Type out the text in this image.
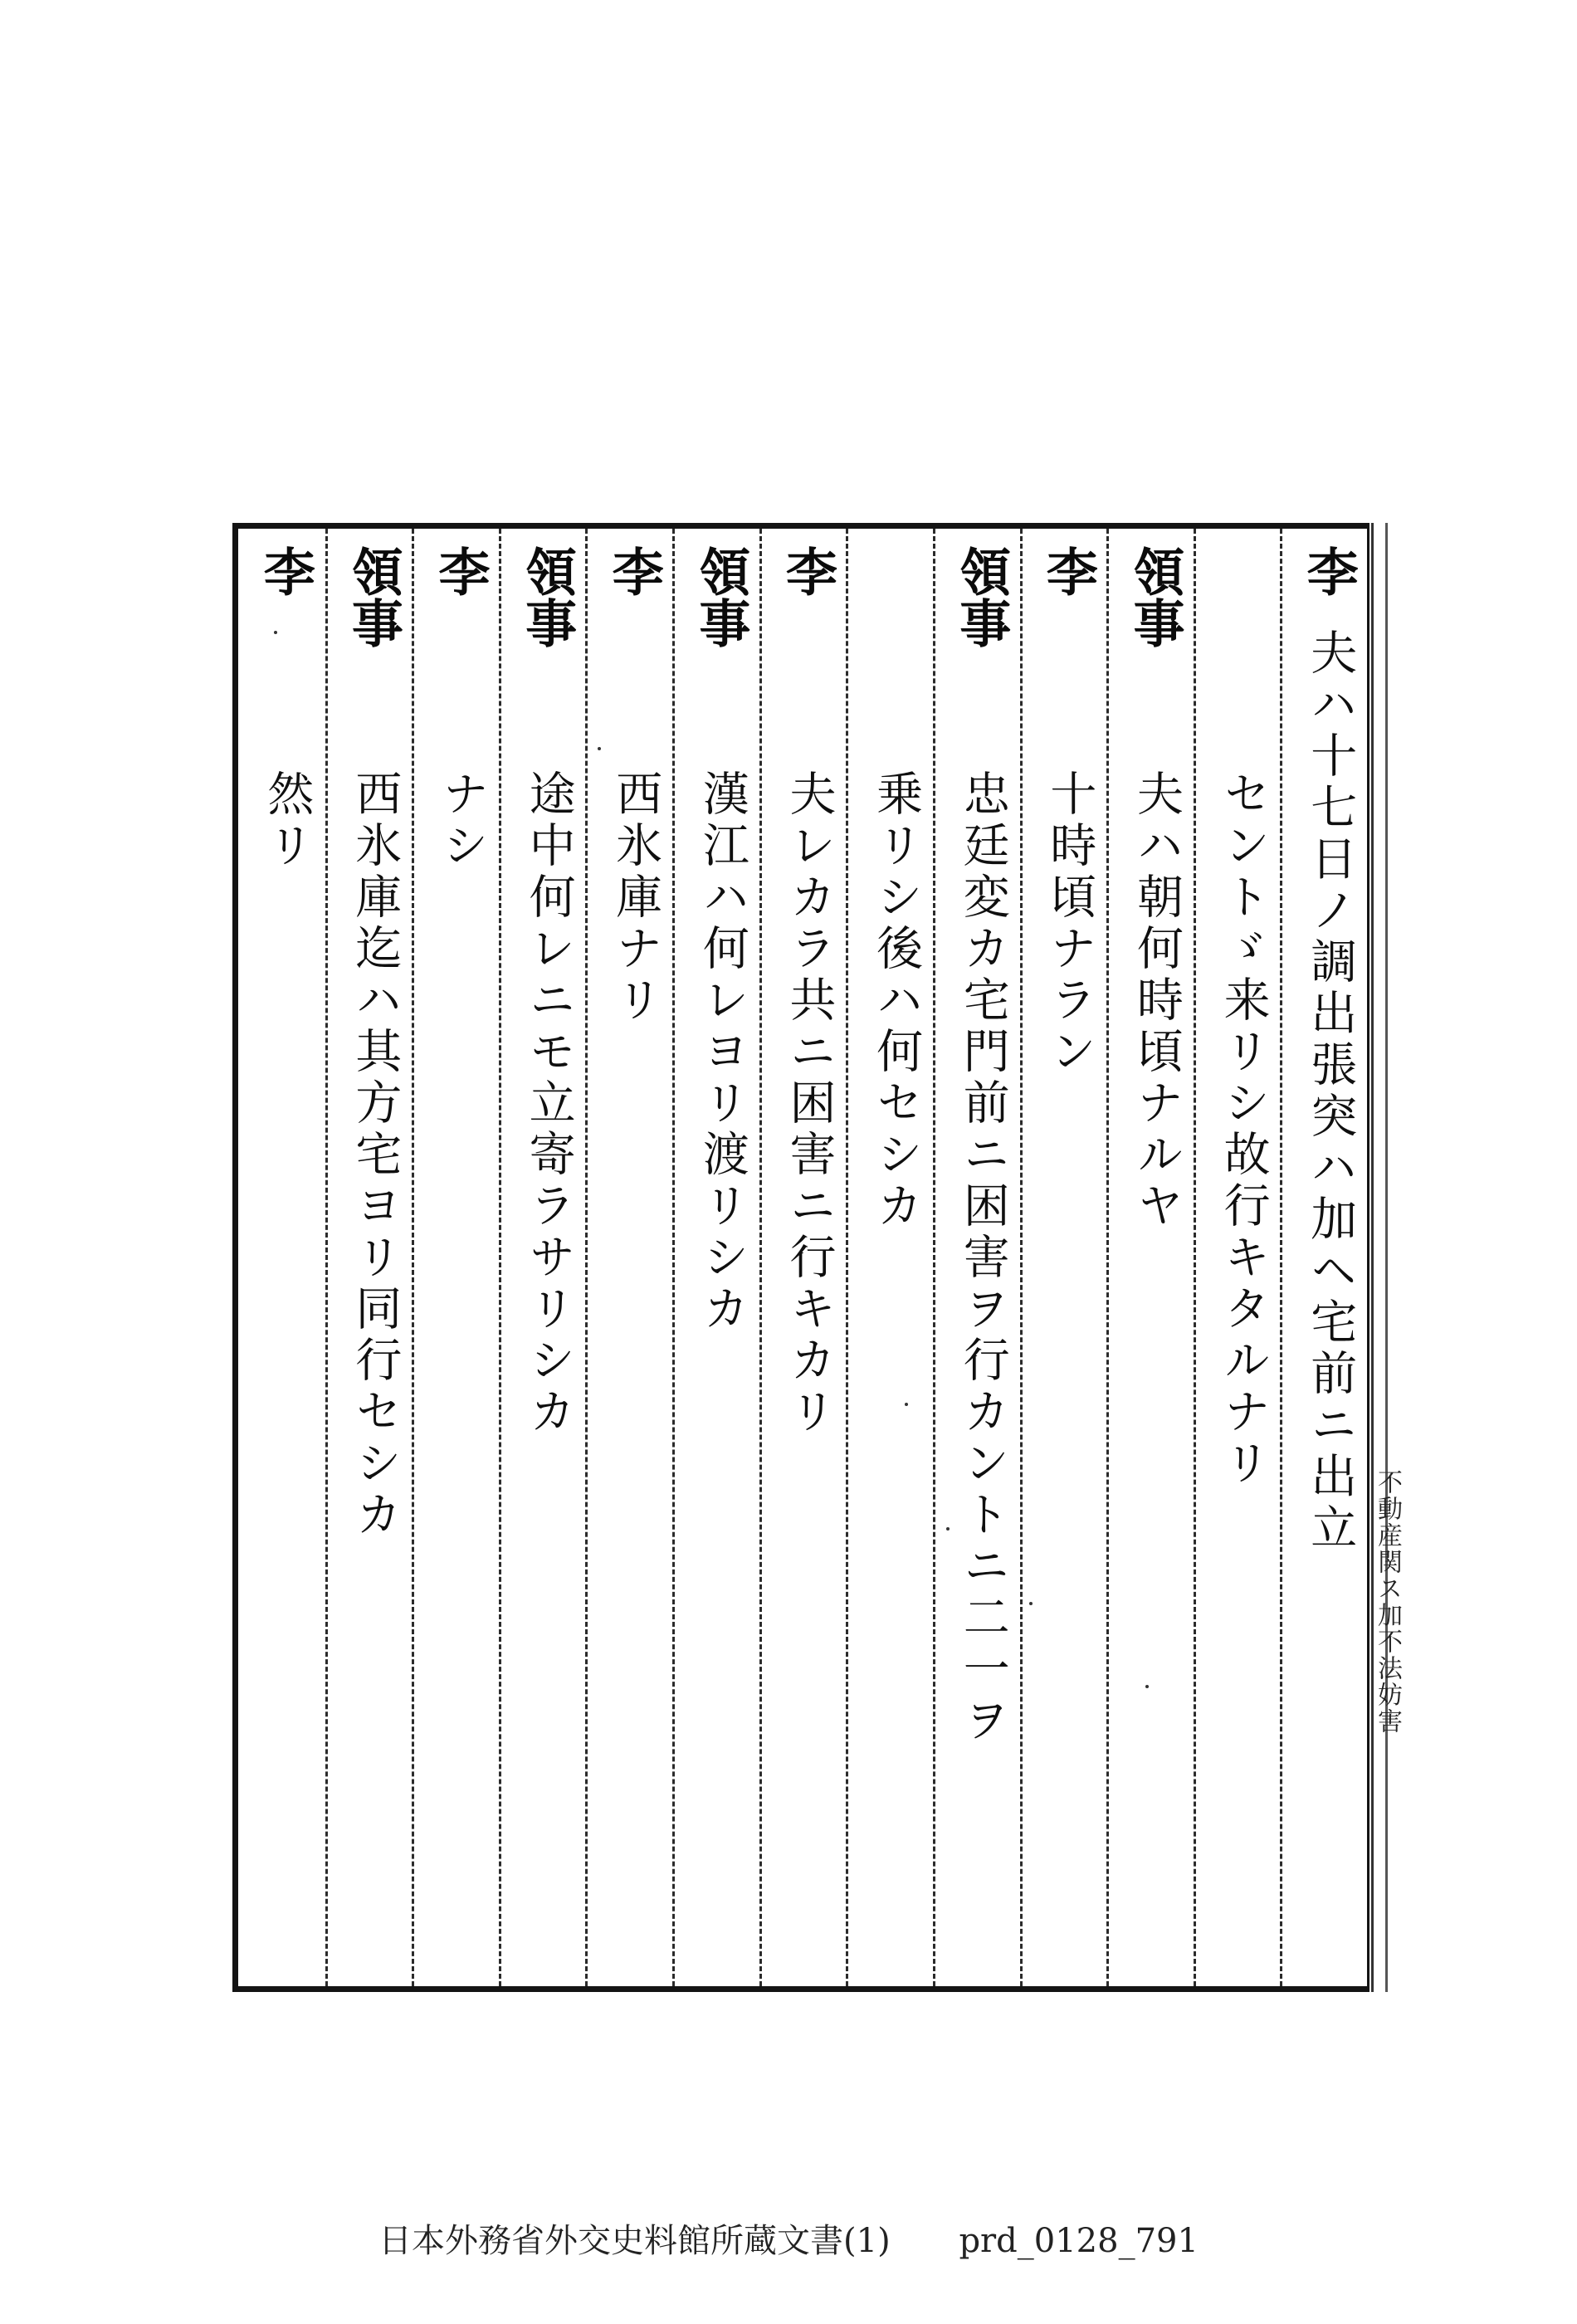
李
夫ハ十七日ノ調出張突ハ加ヘ宅前ニ出立
セントゞ来リシ故行キタルナリ
領事
夫ハ朝何時頃ナルヤ
李
十時頃ナラン
領事
忠廷変カ宅門前ニ困害ヲ行カントニ二一ヲ
乗リシ後ハ何セシカ
李
夫レカラ共ニ困害ニ行キカリ
領事
漢江ハ何レヨリ渡リシカ
李
西氷庫ナリ
領事
途中何レニモ立寄ラサリシカ
李
ナシ
領事
西氷庫迄ハ其方宅ヨリ同行セシカ
李
然リ
不動産関ス加不法妨害
日本外務省外交史料館所蔵文書(1) prd_0128_791
